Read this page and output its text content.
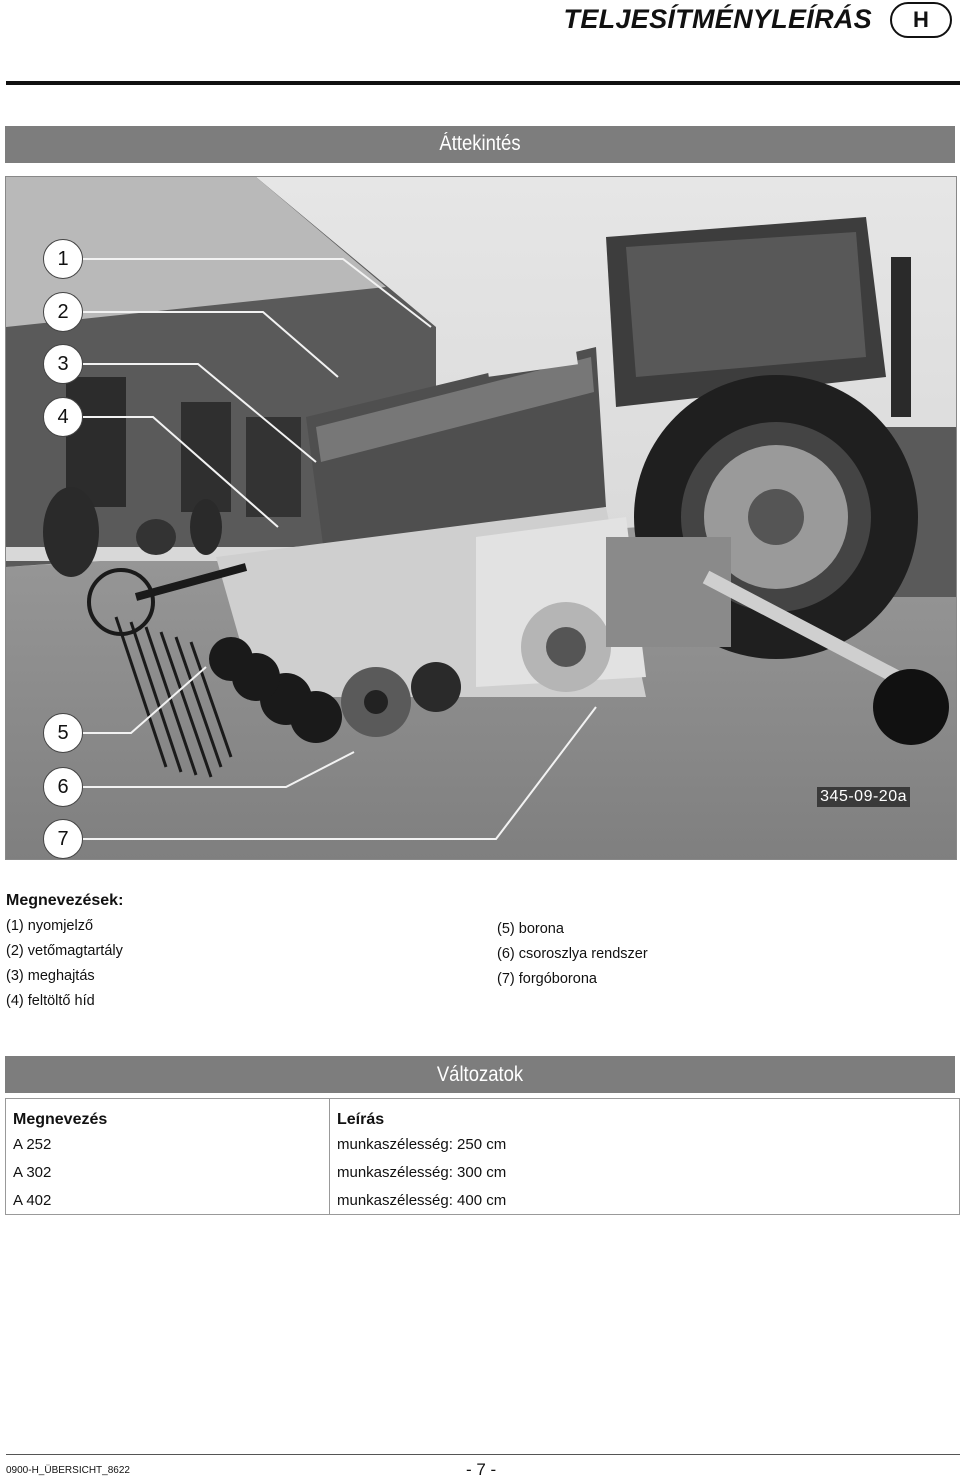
TELJESÍTMÉNYLEÍRÁS	H
Áttekintés
1
2
3
4
5
6
7
345-09-20a
Megnevezések:
(1) nyomjelző
(2) vetőmagtartály
(3) meghajtás
(4) feltöltő híd
(5) borona
(6) csoroszlya rendszer
(7) forgóborona
Változatok
Megnevezés	Leírás
A 252	munkaszélesség: 250 cm
A 302	munkaszélesség: 300 cm
A 402	munkaszélesség: 400 cm
0900-H_ÜBERSICHT_8622	- 7 -
